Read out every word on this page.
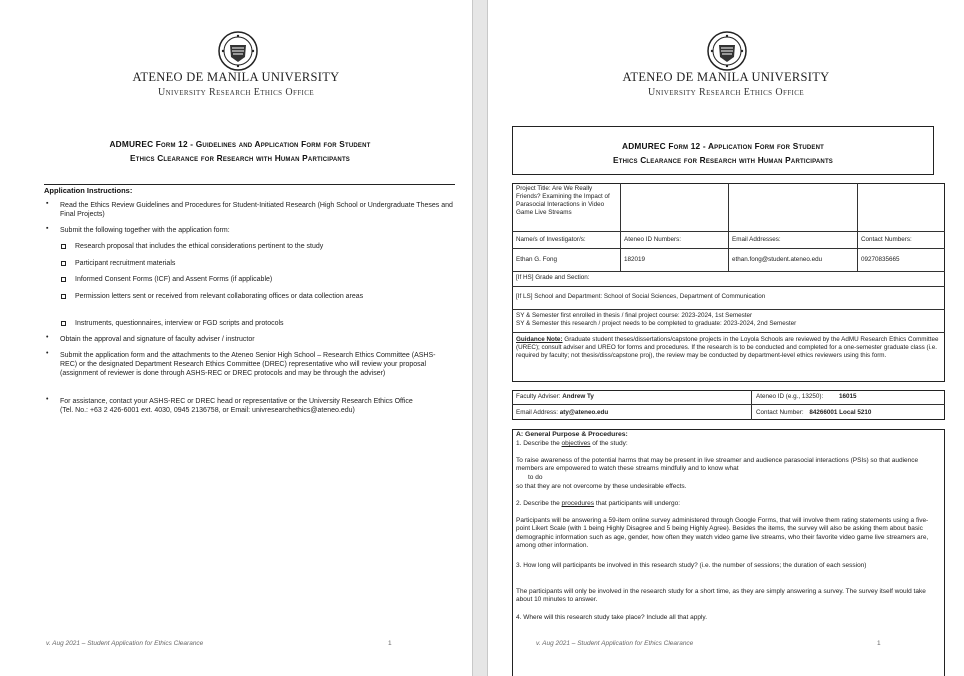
ATENEO DE MANILA UNIVERSITY
University Research Ethics Office
ADMUREC Form 12 - Guidelines and Application Form for Student
Ethics Clearance for Research with Human Participants
Application Instructions:
▪ Read the Ethics Review Guidelines and Procedures for Student-Initiated Research (High School or Undergraduate Theses and Final Projects)
▪ Submit the following together with the application form:
Research proposal that includes the ethical considerations pertinent to the study
Participant recruitment materials
Informed Consent Forms (ICF) and Assent Forms (if applicable)
Permission letters sent or received from relevant collaborating offices or data collection areas
Instruments, questionnaires, interview or FGD scripts and protocols
• Obtain the approval and signature of faculty adviser / instructor
• Submit the application form and the attachments to the Ateneo Senior High School – Research Ethics Committee (ASHS-REC) or the designated Department Research Ethics Committee (DREC) representative who will review your proposal (assignment of reviewer is done through ASHS-REC or DREC protocols and may be through the adviser)
• For assistance, contact your ASHS-REC or DREC head or representative or the University Research Ethics Office (Tel. No.: +63 2 426-6001 ext. 4030, 0945 2136758, or Email: univresearchethics@ateneo.edu)
v. Aug 2021 – Student Application for Ethics Clearance	1
ATENEO DE MANILA UNIVERSITY
University Research Ethics Office
ADMUREC Form 12 - Application Form for Student
Ethics Clearance for Research with Human Participants
Project Title: Are We Really Friends? Examining the Impact of Parasocial Interactions in Video Game Live Streams
Name/s of Investigator/s:	Ateneo ID Numbers:	Email Addresses:	Contact Numbers:
Ethan G. Fong	182019	ethan.fong@student.ateneo.edu	09270835665
[If HS] Grade and Section:
[If LS] School and Department: School of Social Sciences, Department of Communication
SY & Semester first enrolled in thesis / final project course: 2023-2024, 1st Semester
SY & Semester this research / project needs to be completed to graduate: 2023-2024, 2nd Semester
Guidance Note: Graduate student theses/dissertations/capstone projects in the Loyola Schools are reviewed by the AdMU Research Ethics Committee (UREC); consult adviser and UREO for forms and procedures. If the research is to be conducted and completed for a one-semester graduate class (i.e. required by faculty; not thesis/diss/capstone proj), the review may be conducted by department-level ethics reviewers using this form.
Faculty Adviser: Andrew Ty	Ateneo ID (e.g., 13250):	16015
Email Address: aty@ateneo.edu	Contact Number: 84266001 Local 5210
A: General Purpose & Procedures:
1. Describe the objectives of the study:
To raise awareness of the potential harms that may be present in live streamer and audience parasocial interactions (PSIs) so that audience members are empowered to watch these streams mindfully and to know what
to do
so that they are not overcome by these undesirable effects.
2. Describe the procedures that participants will undergo:
Participants will be answering a 59-item online survey administered through Google Forms, that will involve them rating statements using a five-point Likert Scale (with 1 being Highly Disagree and 5 being Highly Agree). Besides the items, the survey will also be asking them about basic demographic information such as age, gender, how often they watch video game live streams, who their favorite video game live streamers are, among other information.
3. How long will participants be involved in this research study? (i.e. the number of sessions; the duration of each session)
The participants will only be involved in the research study for a short time, as they are simply answering a survey. The survey itself would take about 10 minutes to answer.
4. Where will this research study take place? Include all that apply.
v. Aug 2021 – Student Application for Ethics Clearance	1
